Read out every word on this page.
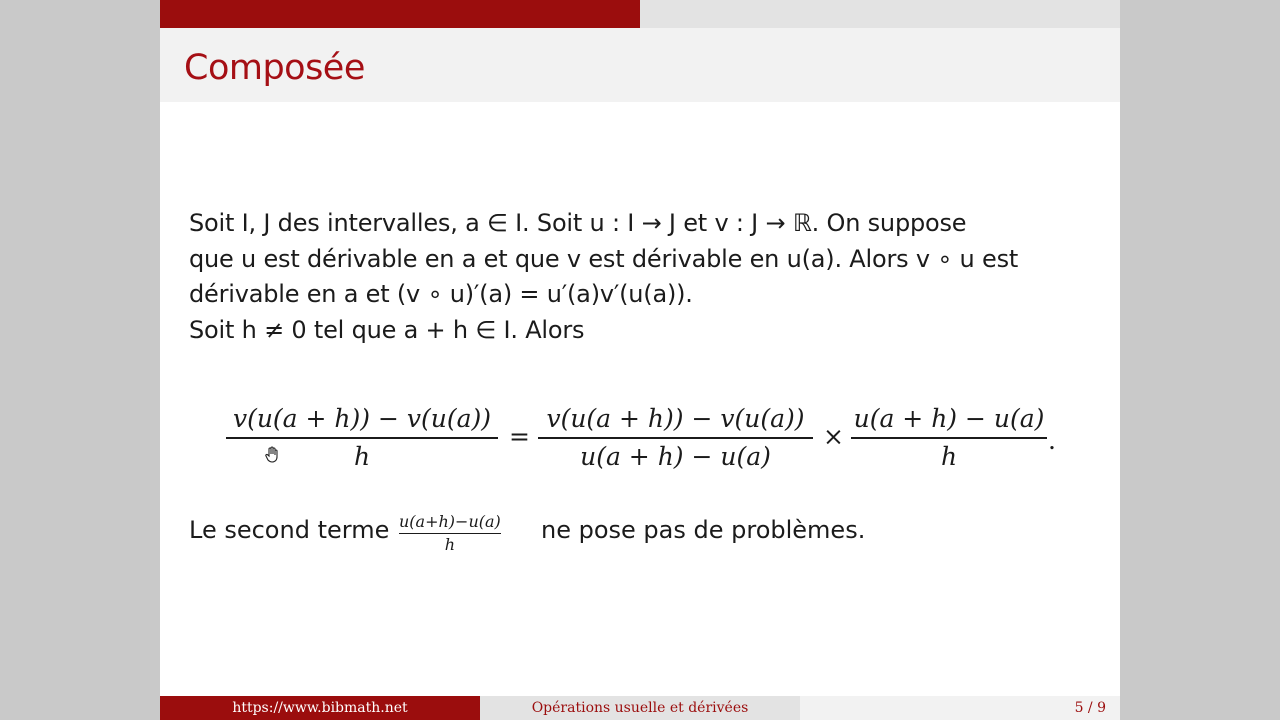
Composée
Soit I, J des intervalles, a ∈ I. Soit u : I → J et v : J → ℝ. On suppose
que u est dérivable en a et que v est dérivable en u(a). Alors v ∘ u est
dérivable en a et (v ∘ u)′(a) = u′(a)v′(u(a)).
Soit h ≠ 0 tel que a + h ∈ I. Alors
v(u(a + h)) − v(u(a))
h
=
v(u(a + h)) − v(u(a))
u(a + h) − u(a)
×
u(a + h) − u(a)
h
.
Le second terme u(a+h)−u(a)
h
ne pose pas de problèmes.
https://www.bibmath.net	Opérations usuelle et dérivées	5 / 9
